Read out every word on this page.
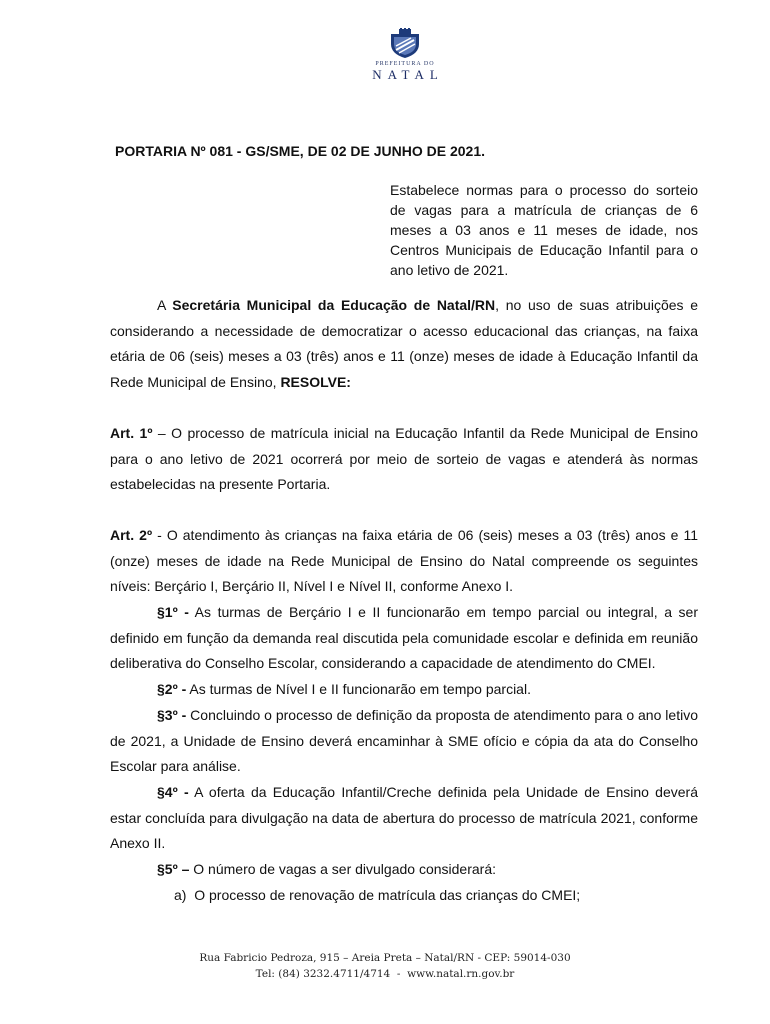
PREFEITURA DO
NATAL
PORTARIA Nº 081 - GS/SME, DE 02 DE JUNHO DE 2021.
Estabelece normas para o processo do sorteio de vagas para a matrícula de crianças de 6 meses a 03 anos e 11 meses de idade, nos Centros Municipais de Educação Infantil para o ano letivo de 2021.

A Secretária Municipal da Educação de Natal/RN, no uso de suas atribuições e considerando a necessidade de democratizar o acesso educacional das crianças, na faixa etária de 06 (seis) meses a 03 (três) anos e 11 (onze) meses de idade à Educação Infantil da Rede Municipal de Ensino, RESOLVE:

Art. 1º – O processo de matrícula inicial na Educação Infantil da Rede Municipal de Ensino para o ano letivo de 2021 ocorrerá por meio de sorteio de vagas e atenderá às normas estabelecidas na presente Portaria.

Art. 2º - O atendimento às crianças na faixa etária de 06 (seis) meses a 03 (três) anos e 11 (onze) meses de idade na Rede Municipal de Ensino do Natal compreende os seguintes níveis: Berçário I, Berçário II, Nível I e Nível II, conforme Anexo I.

§1º - As turmas de Berçário I e II funcionarão em tempo parcial ou integral, a ser definido em função da demanda real discutida pela comunidade escolar e definida em reunião deliberativa do Conselho Escolar, considerando a capacidade de atendimento do CMEI.

§2º - As turmas de Nível I e II funcionarão em tempo parcial.

§3º - Concluindo o processo de definição da proposta de atendimento para o ano letivo de 2021, a Unidade de Ensino deverá encaminhar à SME ofício e cópia da ata do Conselho Escolar para análise.

§4º - A oferta da Educação Infantil/Creche definida pela Unidade de Ensino deverá estar concluída para divulgação na data de abertura do processo de matrícula 2021, conforme Anexo II.

§5º – O número de vagas a ser divulgado considerará:

a) O processo de renovação de matrícula das crianças do CMEI;

Rua Fabricio Pedroza, 915 – Areia Preta – Natal/RN - CEP: 59014-030
Tel: (84) 3232.4711/4714  -  www.natal.rn.gov.br
